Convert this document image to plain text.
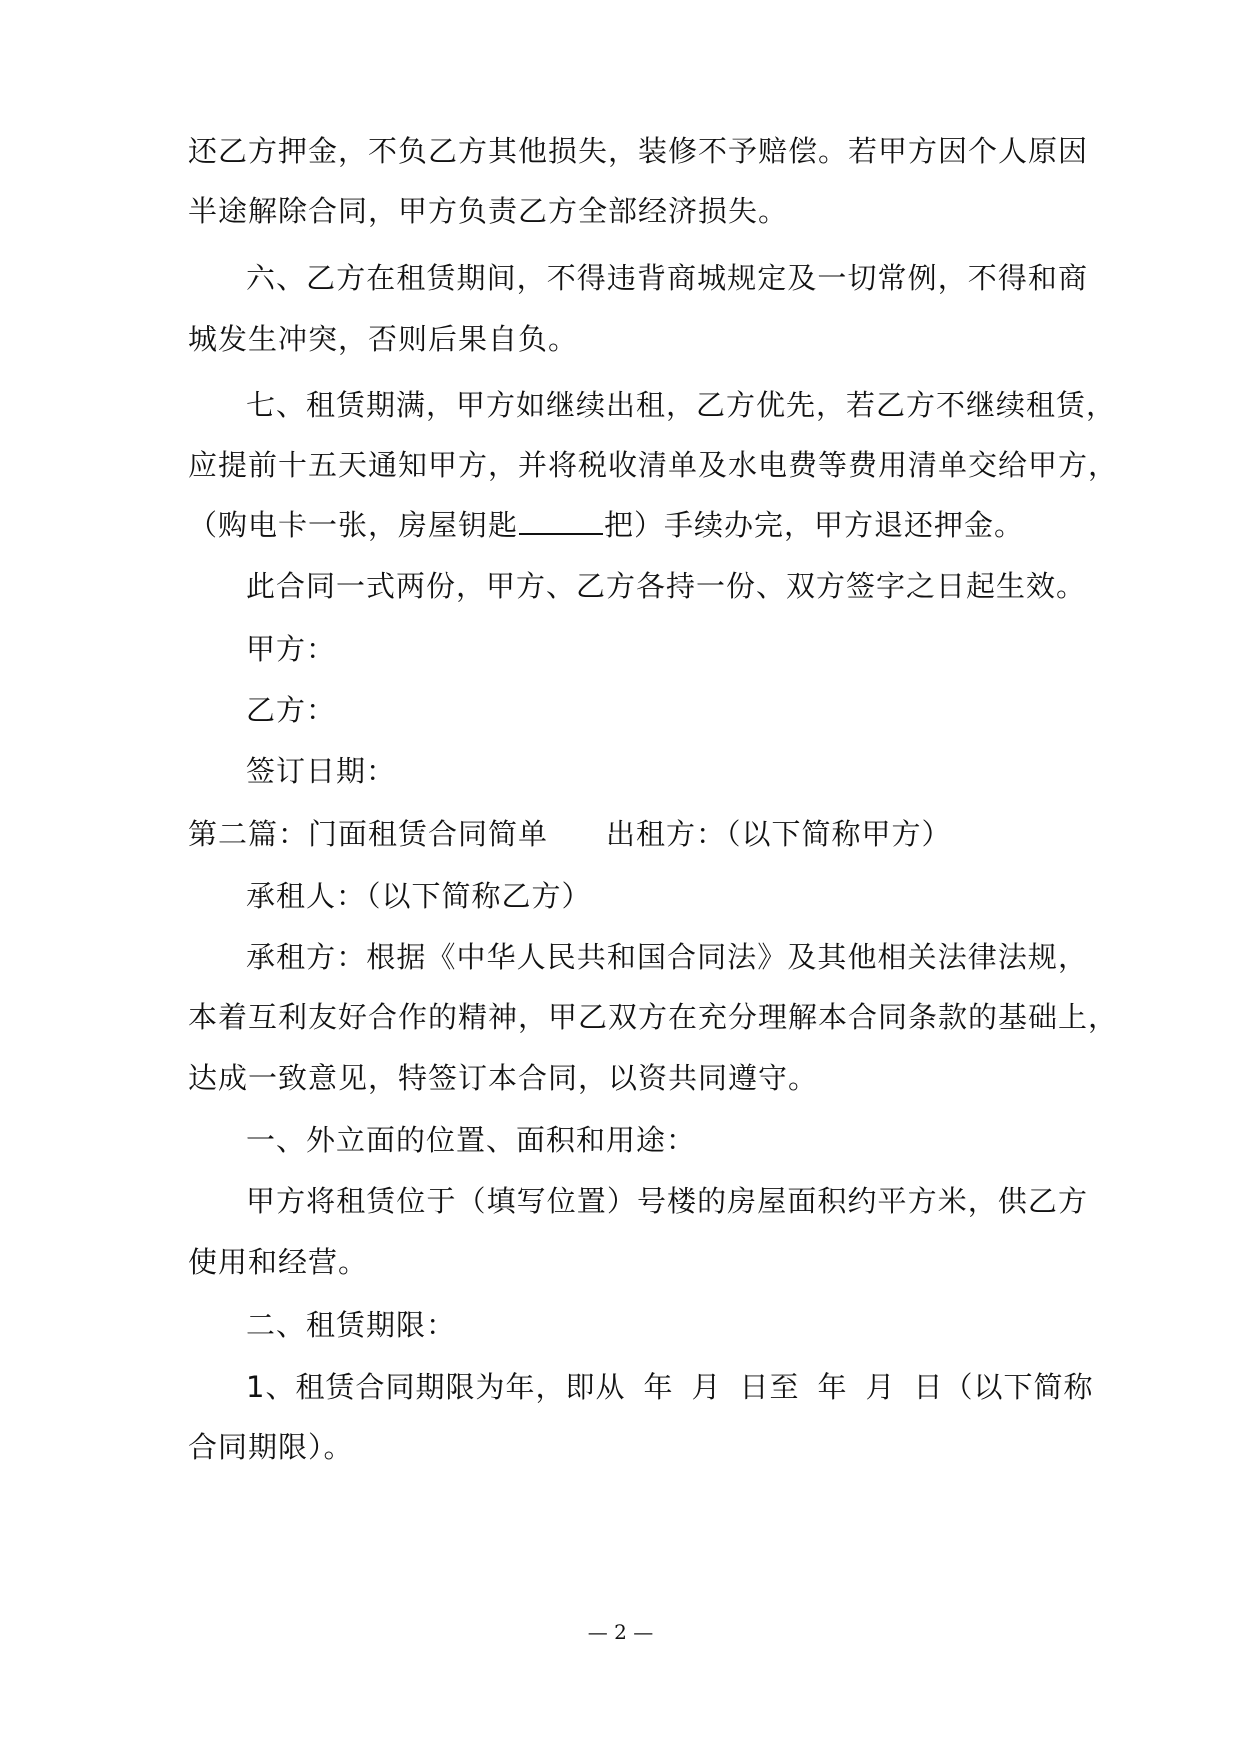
还乙方押金，不负乙方其他损失，装修不予赔偿。若甲方因个人原因
半途解除合同，甲方负责乙方全部经济损失。
六、乙方在租赁期间，不得违背商城规定及一切常例，不得和商
城发生冲突，否则后果自负。
七、租赁期满，甲方如继续出租，乙方优先，若乙方不继续租赁，
应提前十五天通知甲方，并将税收清单及水电费等费用清单交给甲方，
（购电卡一张，房屋钥匙	把）手续办完，甲方退还押金。
此合同一式两份，甲方、乙方各持一份、双方签字之日起生效。
甲方：
乙方：
签订日期：
第二篇：门面租赁合同简单 出租方：（以下简称甲方）
承租人：（以下简称乙方）
承租方：根据《中华人民共和国合同法》及其他相关法律法规，
本着互利友好合作的精神，甲乙双方在充分理解本合同条款的基础上，
达成一致意见，特签订本合同，以资共同遵守。
一、外立面的位置、面积和用途：
甲方将租赁位于（填写位置）号楼的房屋面积约平方米，供乙方
使用和经营。
二、租赁期限：
1、租赁合同期限为年，即从 年 月 日至 年 月 日（以下简称
合同期限）。
— 2 —
